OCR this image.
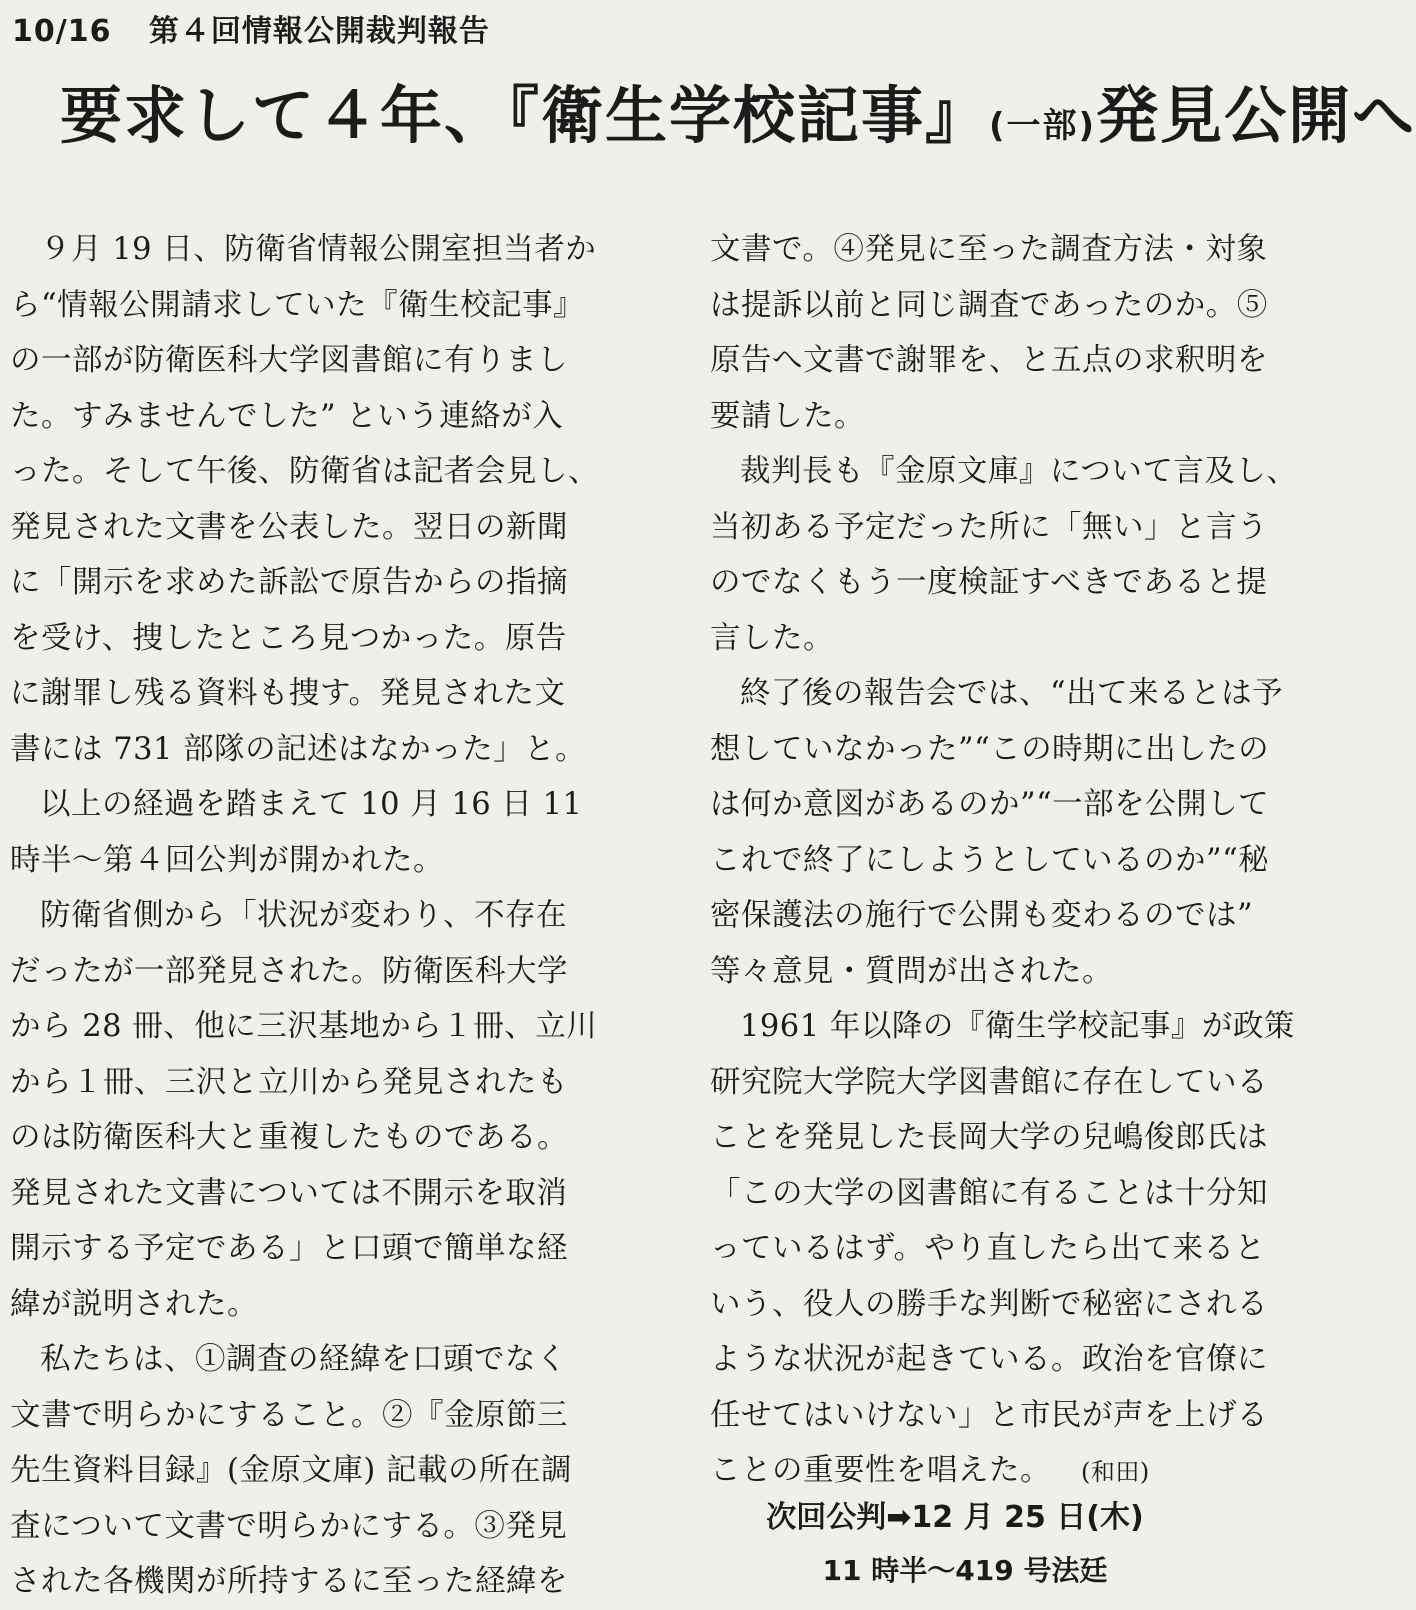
10/16 第４回情報公開裁判報告
要求して４年、『衛生学校記事』(一部)発見公開へ
９月 19 日、防衛省情報公開室担当者か
ら“情報公開請求していた『衛生校記事』
の一部が防衛医科大学図書館に有りまし
た。すみませんでした” という連絡が入
った。そして午後、防衛省は記者会見し、
発見された文書を公表した。翌日の新聞
に「開示を求めた訴訟で原告からの指摘
を受け、捜したところ見つかった。原告
に謝罪し残る資料も捜す。発見された文
書には 731 部隊の記述はなかった」と。
以上の経過を踏まえて 10 月 16 日 11
時半～第４回公判が開かれた。
防衛省側から「状況が変わり、不存在
だったが一部発見された。防衛医科大学
から 28 冊、他に三沢基地から１冊、立川
から１冊、三沢と立川から発見されたも
のは防衛医科大と重複したものである。
発見された文書については不開示を取消
開示する予定である」と口頭で簡単な経
緯が説明された。
私たちは、①調査の経緯を口頭でなく
文書で明らかにすること。②『金原節三
先生資料目録』(金原文庫) 記載の所在調
査について文書で明らかにする。③発見
された各機関が所持するに至った経緯を
文書で。④発見に至った調査方法・対象
は提訴以前と同じ調査であったのか。⑤
原告へ文書で謝罪を、と五点の求釈明を
要請した。
裁判長も『金原文庫』について言及し、
当初ある予定だった所に「無い」と言う
のでなくもう一度検証すべきであると提
言した。
終了後の報告会では、“出て来るとは予
想していなかった”“この時期に出したの
は何か意図があるのか”“一部を公開して
これで終了にしようとしているのか”“秘
密保護法の施行で公開も変わるのでは”
等々意見・質問が出された。
1961 年以降の『衛生学校記事』が政策
研究院大学院大学図書館に存在している
ことを発見した長岡大学の兒嶋俊郎氏は
「この大学の図書館に有ることは十分知
っているはず。やり直したら出て来ると
いう、役人の勝手な判断で秘密にされる
ような状況が起きている。政治を官僚に
任せてはいけない」と市民が声を上げる
ことの重要性を唱えた。 (和田)
次回公判➡12 月 25 日(木)
11 時半～419 号法廷
